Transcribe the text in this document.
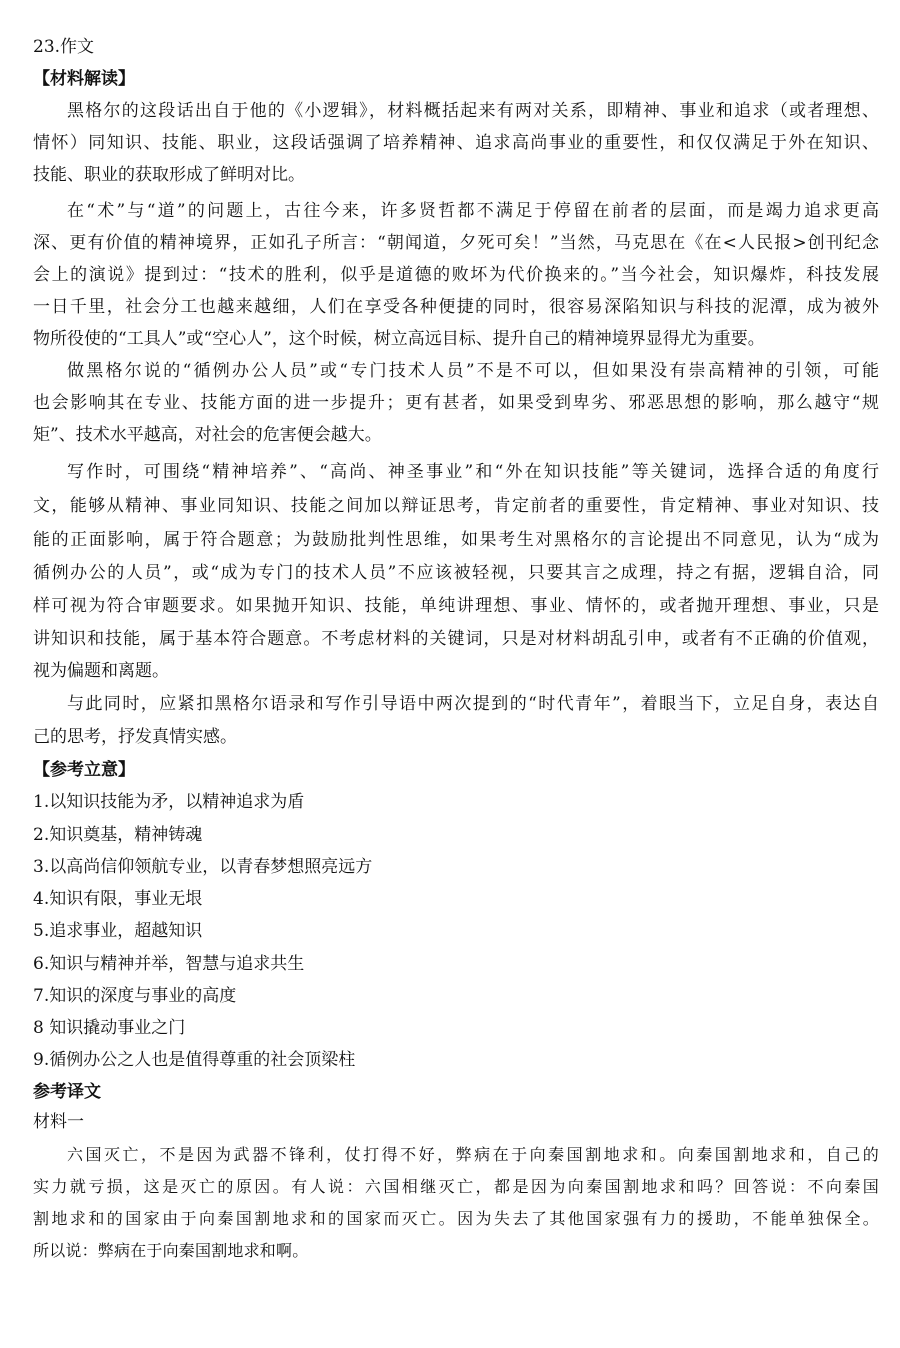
23.作文
【材料解读】
黑格尔的这段话出自于他的《小逻辑》，材料概括起来有两对关系，即精神、事业和追求（或者理想、
情怀）同知识、技能、职业，这段话强调了培养精神、追求高尚事业的重要性，和仅仅满足于外在知识、
技能、职业的获取形成了鲜明对比。
在“术”与“道”的问题上，古往今来，许多贤哲都不满足于停留在前者的层面，而是竭力追求更高
深、更有价值的精神境界，正如孔子所言：“朝闻道，夕死可矣！”当然，马克思在《在<人民报>创刊纪念
会上的演说》提到过：“技术的胜利，似乎是道德的败坏为代价换来的。”当今社会，知识爆炸，科技发展
一日千里，社会分工也越来越细，人们在享受各种便捷的同时，很容易深陷知识与科技的泥潭，成为被外
物所役使的“工具人”或“空心人”，这个时候，树立高远目标、提升自己的精神境界显得尤为重要。
做黑格尔说的“循例办公人员”或“专门技术人员”不是不可以，但如果没有崇高精神的引领，可能
也会影响其在专业、技能方面的进一步提升；更有甚者，如果受到卑劣、邪恶思想的影响，那么越守“规
矩”、技术水平越高，对社会的危害便会越大。
写作时，可围绕“精神培养”、“高尚、神圣事业”和“外在知识技能”等关键词，选择合适的角度行
文，能够从精神、事业同知识、技能之间加以辩证思考，肯定前者的重要性，肯定精神、事业对知识、技
能的正面影响，属于符合题意；为鼓励批判性思维，如果考生对黑格尔的言论提出不同意见，认为“成为
循例办公的人员”，或“成为专门的技术人员”不应该被轻视，只要其言之成理，持之有据，逻辑自洽，同
样可视为符合审题要求。如果抛开知识、技能，单纯讲理想、事业、情怀的，或者抛开理想、事业，只是
讲知识和技能，属于基本符合题意。不考虑材料的关键词，只是对材料胡乱引申，或者有不正确的价值观，
视为偏题和离题。
与此同时，应紧扣黑格尔语录和写作引导语中两次提到的“时代青年”，着眼当下，立足自身，表达自
己的思考，抒发真情实感。
【参考立意】
1.以知识技能为矛，以精神追求为盾
2.知识奠基，精神铸魂
3.以高尚信仰领航专业，以青春梦想照亮远方
4.知识有限，事业无垠
5.追求事业，超越知识
6.知识与精神并举，智慧与追求共生
7.知识的深度与事业的高度
8 知识撬动事业之门
9.循例办公之人也是值得尊重的社会顶梁柱
参考译文
材料一
六国灭亡，不是因为武器不锋利，仗打得不好，弊病在于向秦国割地求和。向秦国割地求和，自己的
实力就亏损，这是灭亡的原因。有人说：六国相继灭亡，都是因为向秦国割地求和吗？回答说：不向秦国
割地求和的国家由于向秦国割地求和的国家而灭亡。因为失去了其他国家强有力的援助，不能单独保全。
所以说：弊病在于向秦国割地求和啊。
